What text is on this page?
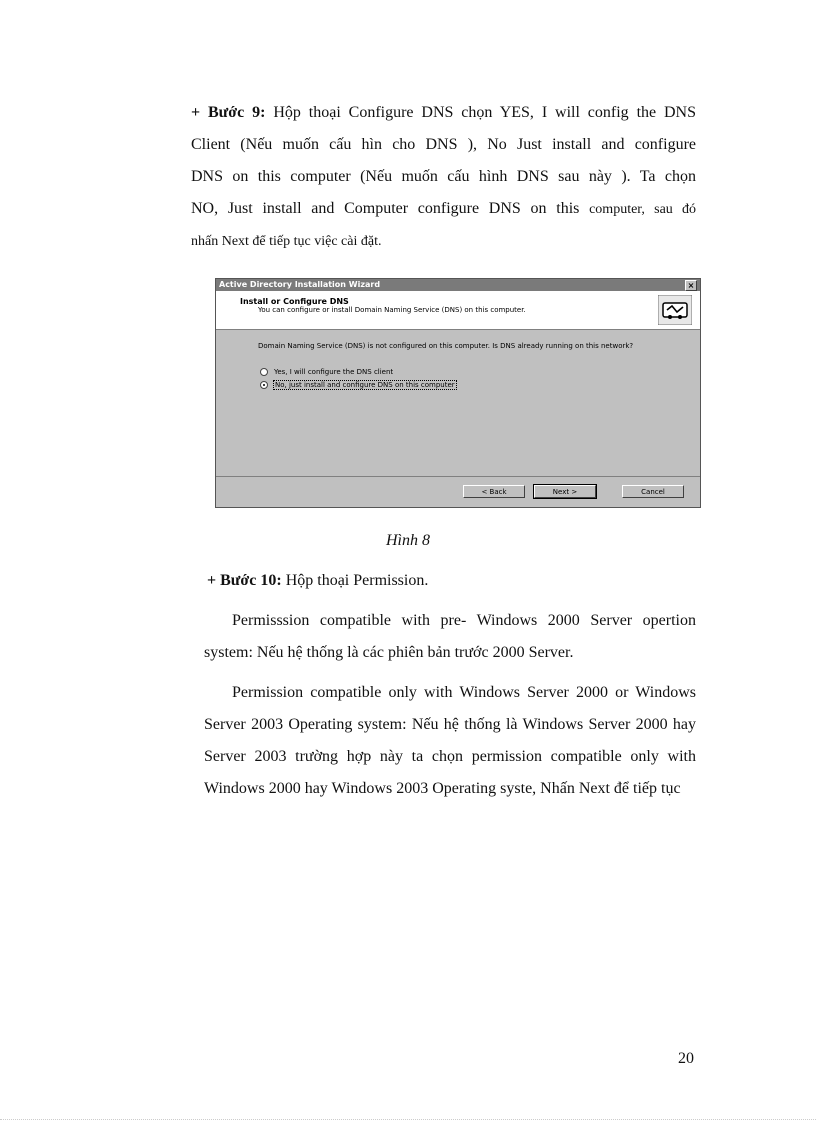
+ Bước 9: Hộp thoại Configure DNS chọn YES, I will config the DNS
Client (Nếu muốn cấu hìn cho DNS ), No Just install and configure
DNS on this computer (Nếu muốn cấu hình DNS sau này ). Ta chọn
NO, Just install and Computer configure DNS on this computer, sau đó
nhấn Next để tiếp tục việc cài đặt.
Active Directory Installation Wizard	×
Install or Configure DNS
You can configure or install Domain Naming Service (DNS) on this computer.
Domain Naming Service (DNS) is not configured on this computer. Is DNS already running on this network?
Yes, I will configure the DNS client
No, just install and configure DNS on this computer
< Back	Next >	Cancel
Hình 8
+ Bước 10: Hộp thoại Permission.
Permisssion compatible with pre- Windows 2000 Server opertion system: Nếu hệ thống là các phiên bản trước 2000 Server.
Permission compatible only with Windows Server 2000 or Windows Server 2003 Operating system: Nếu hệ thống là Windows Server 2000 hay Server 2003 trường hợp này ta chọn permission compatible only with Windows 2000 hay Windows 2003 Operating syste, Nhấn Next để tiếp tục
20
